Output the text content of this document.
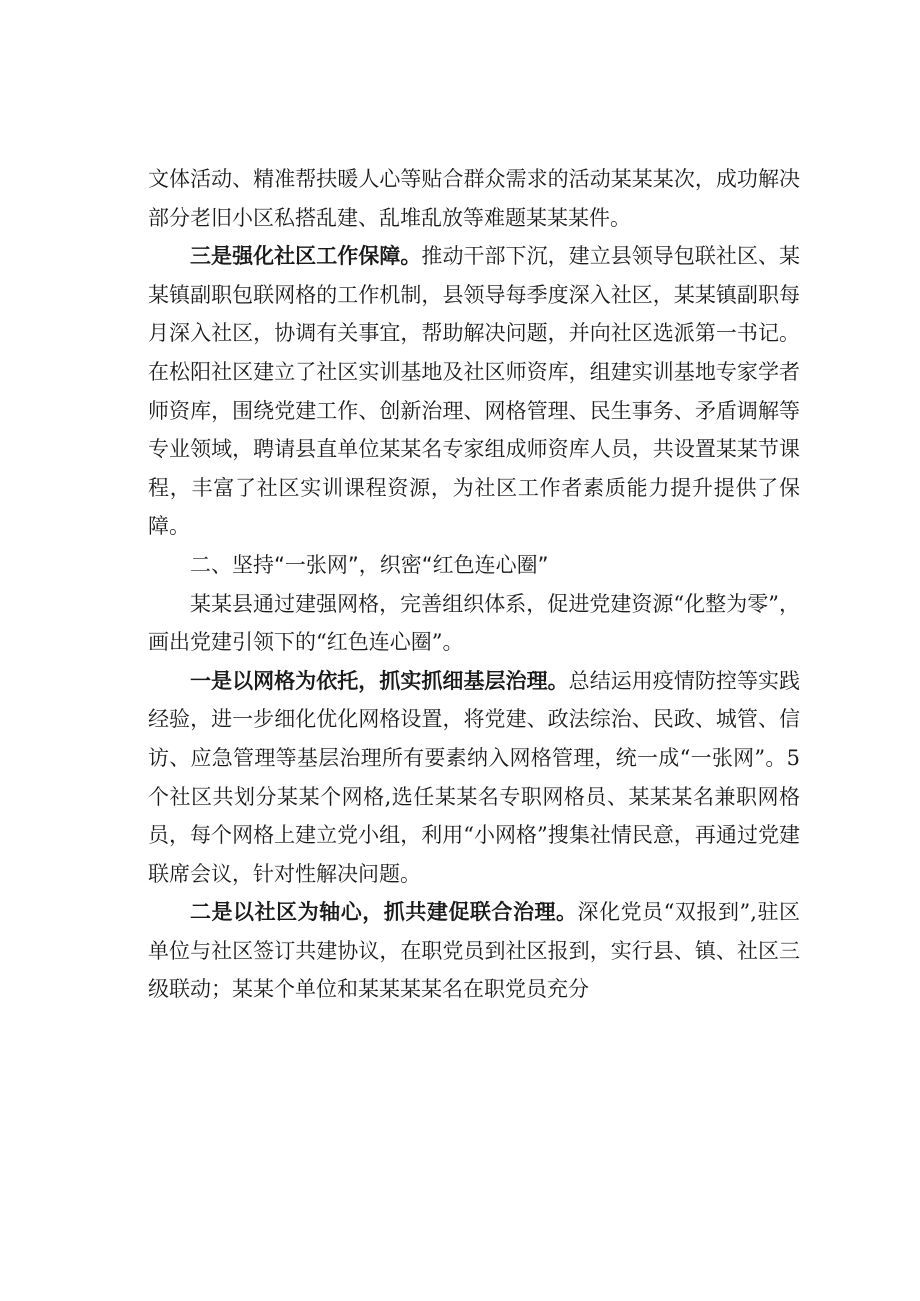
文体活动、精准帮扶暖人心等贴合群众需求的活动某某某次，成功解决部分老旧小区私搭乱建、乱堆乱放等难题某某某件。

三是强化社区工作保障。推动干部下沉，建立县领导包联社区、某某镇副职包联网格的工作机制，县领导每季度深入社区，某某镇副职每月深入社区，协调有关事宜，帮助解决问题，并向社区选派第一书记。在松阳社区建立了社区实训基地及社区师资库，组建实训基地专家学者师资库，围绕党建工作、创新治理、网格管理、民生事务、矛盾调解等专业领域，聘请县直单位某某名专家组成师资库人员，共设置某某节课程，丰富了社区实训课程资源，为社区工作者素质能力提升提供了保障。

二、坚持“一张网”，织密“红色连心圈”

某某县通过建强网格，完善组织体系，促进党建资源“化整为零”，画出党建引领下的“红色连心圈”。

一是以网格为依托，抓实抓细基层治理。总结运用疫情防控等实践经验，进一步细化优化网格设置，将党建、政法综治、民政、城管、信访、应急管理等基层治理所有要素纳入网格管理，统一成“一张网”。5个社区共划分某某个网格,选任某某名专职网格员、某某某名兼职网格员，每个网格上建立党小组，利用“小网格”搜集社情民意，再通过党建联席会议，针对性解决问题。

二是以社区为轴心，抓共建促联合治理。深化党员“双报到”,驻区单位与社区签订共建协议，在职党员到社区报到，实行县、镇、社区三级联动；某某个单位和某某某某名在职党员充分
